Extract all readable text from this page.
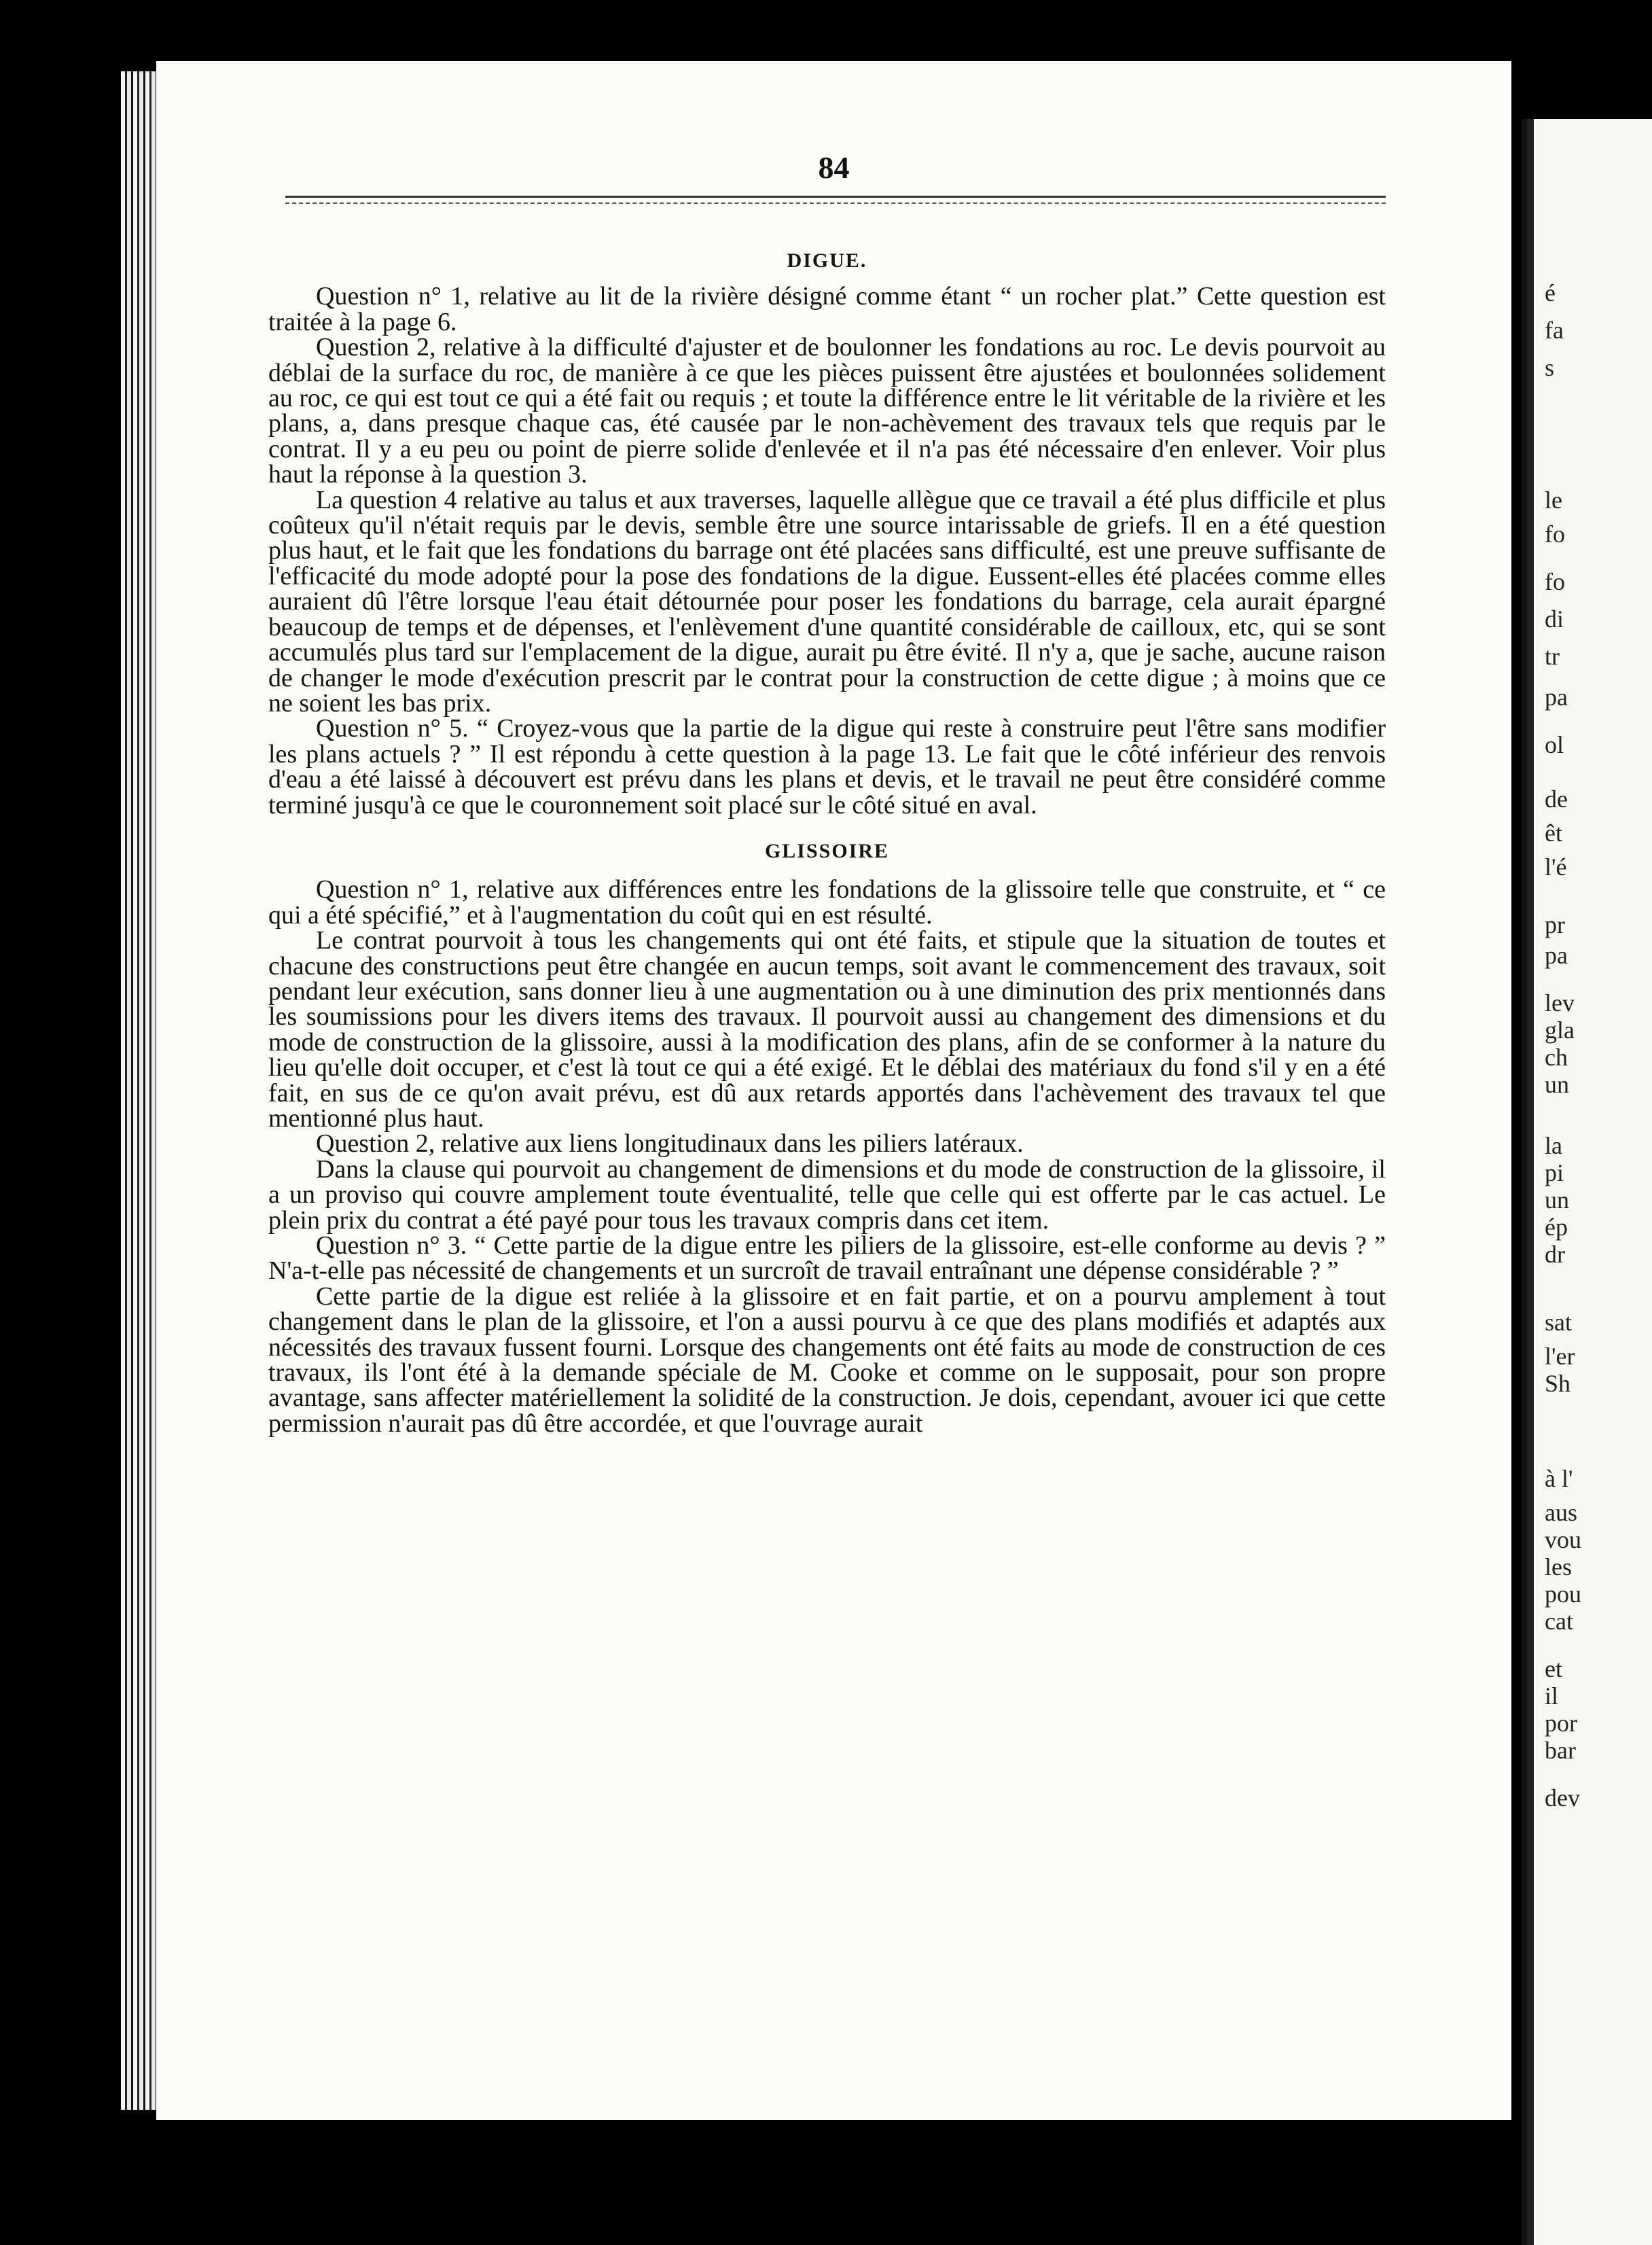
84
DIGUE.

Question n° 1, relative au lit de la rivière désigné comme étant “ un rocher plat.” Cette question est traitée à la page 6.

Question 2, relative à la difficulté d'ajuster et de boulonner les fondations au roc. Le devis pourvoit au déblai de la surface du roc, de manière à ce que les pièces puissent être ajustées et boulonnées solidement au roc, ce qui est tout ce qui a été fait ou requis ; et toute la différence entre le lit véritable de la rivière et les plans, a, dans presque chaque cas, été causée par le non-achèvement des travaux tels que requis par le contrat. Il y a eu peu ou point de pierre solide d'enlevée et il n'a pas été nécessaire d'en enlever. Voir plus haut la réponse à la question 3.

La question 4 relative au talus et aux traverses, laquelle allègue que ce travail a été plus difficile et plus coûteux qu'il n'était requis par le devis, semble être une source intarissable de griefs. Il en a été question plus haut, et le fait que les fondations du barrage ont été placées sans difficulté, est une preuve suffisante de l'efficacité du mode adopté pour la pose des fondations de la digue. Eussent-elles été placées comme elles auraient dû l'être lorsque l'eau était détournée pour poser les fondations du barrage, cela aurait épargné beaucoup de temps et de dépenses, et l'enlèvement d'une quantité considérable de cailloux, etc, qui se sont accumulés plus tard sur l'emplacement de la digue, aurait pu être évité. Il n'y a, que je sache, aucune raison de changer le mode d'exécution prescrit par le contrat pour la construction de cette digue ; à moins que ce ne soient les bas prix.

Question n° 5. “ Croyez-vous que la partie de la digue qui reste à construire peut l'être sans modifier les plans actuels ? ” Il est répondu à cette question à la page 13. Le fait que le côté inférieur des renvois d'eau a été laissé à découvert est prévu dans les plans et devis, et le travail ne peut être considéré comme terminé jusqu'à ce que le couronnement soit placé sur le côté situé en aval.

GLISSOIRE

Question n° 1, relative aux différences entre les fondations de la glissoire telle que construite, et “ ce qui a été spécifié,” et à l'augmentation du coût qui en est résulté.

Le contrat pourvoit à tous les changements qui ont été faits, et stipule que la situation de toutes et chacune des constructions peut être changée en aucun temps, soit avant le commencement des travaux, soit pendant leur exécution, sans donner lieu à une augmentation ou à une diminution des prix mentionnés dans les soumissions pour les divers items des travaux. Il pourvoit aussi au changement des dimensions et du mode de construction de la glissoire, aussi à la modification des plans, afin de se conformer à la nature du lieu qu'elle doit occuper, et c'est là tout ce qui a été exigé. Et le déblai des matériaux du fond s'il y en a été fait, en sus de ce qu'on avait prévu, est dû aux retards apportés dans l'achèvement des travaux tel que mentionné plus haut.

Question 2, relative aux liens longitudinaux dans les piliers latéraux.

Dans la clause qui pourvoit au changement de dimensions et du mode de construction de la glissoire, il a un proviso qui couvre amplement toute éventualité, telle que celle qui est offerte par le cas actuel. Le plein prix du contrat a été payé pour tous les travaux compris dans cet item.

Question n° 3. “ Cette partie de la digue entre les piliers de la glissoire, est-elle conforme au devis ? ” N'a-t-elle pas nécessité de changements et un surcroît de travail entraînant une dépense considérable ? ”

Cette partie de la digue est reliée à la glissoire et en fait partie, et on a pourvu amplement à tout changement dans le plan de la glissoire, et l'on a aussi pourvu à ce que des plans modifiés et adaptés aux nécessités des travaux fussent fourni. Lorsque des changements ont été faits au mode de construction de ces travaux, ils l'ont été à la demande spéciale de M. Cooke et comme on le supposait, pour son propre avantage, sans affecter matériellement la solidité de la construction. Je dois, cependant, avouer ici que cette permission n'aurait pas dû être accordée, et que l'ouvrage aurait

é
fa
s
le
fo
fo
di
tr
pa
ol
de
êt
l'é
pr
pa
lev
gla
ch
un
la
pi
un
ép
dr
sat
l'er
Sh
à l'
aus
vou
les
pou
cat
et
il
por
bar
dev
